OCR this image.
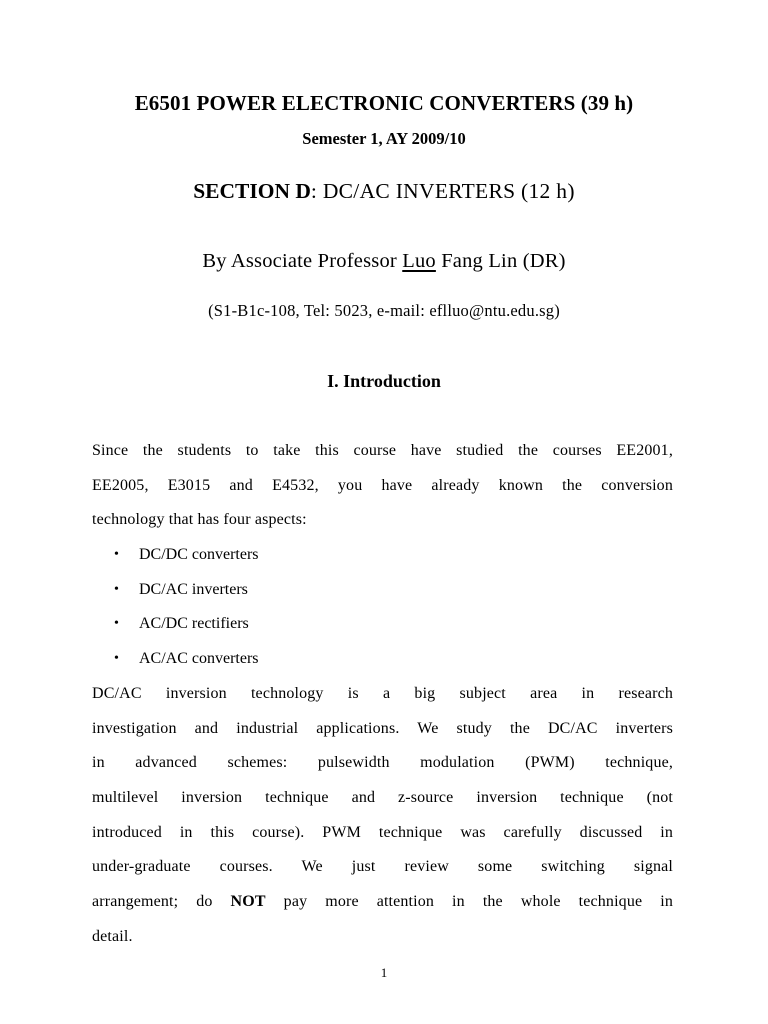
E6501 POWER ELECTRONIC CONVERTERS (39 h)
Semester 1, AY 2009/10
SECTION D: DC/AC INVERTERS (12 h)
By Associate Professor Luo Fang Lin (DR)
(S1-B1c-108, Tel: 5023, e-mail: eflluo@ntu.edu.sg)
I. Introduction
Since the students to take this course have studied the courses EE2001,
EE2005, E3015 and E4532, you have already known the conversion
technology that has four aspects:
• DC/DC converters
• DC/AC inverters
• AC/DC rectifiers
• AC/AC converters
DC/AC inversion technology is a big subject area in research
investigation and industrial applications. We study the DC/AC inverters
in advanced schemes: pulsewidth modulation (PWM) technique,
multilevel inversion technique and z-source inversion technique (not
introduced in this course). PWM technique was carefully discussed in
under-graduate courses. We just review some switching signal
arrangement; do NOT pay more attention in the whole technique in
detail.
1
